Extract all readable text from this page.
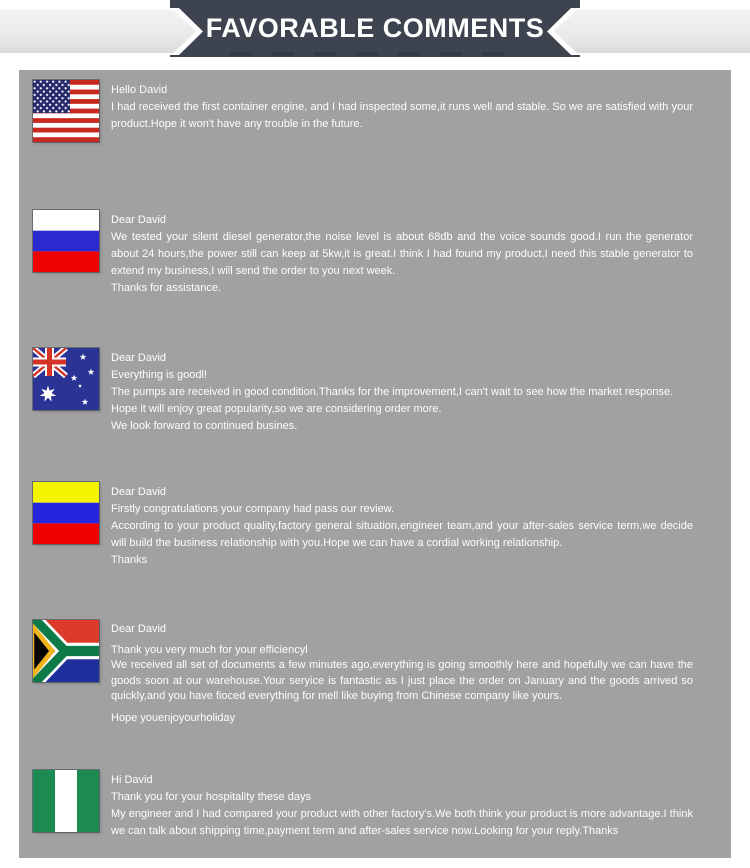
FAVORABLE COMMENTS

Hello David

I had received the first container engine, and I had inspected some,it runs well and stable. So we are satisfied with your product.Hope it won't have any trouble in the future.

Dear David

We tested your silent diesel generator,the noise level is about 68db and the voice sounds good.I run the generator about 24 hours,the power still can keep at 5kw,it is great.I think I had found my product,I need this stable generator to extend my business,I will send the order to you next week.

Thanks for assistance.

Dear David

Everything is goodl!

The pumps are received in good condition.Thanks for the improvement,I can't wait to see how the market response.

Hope it will enjoy great popularity,so we are considering order more.

We look forward to continued busines.

Dear David

Firstly congratulations your company had pass our review.

According to your product quality,factory general situation,engineer team,and your after-sales service term,we decide will build the business relationship with you.Hope we can have a cordial working relationship.

Thanks

Dear David

Thank you very much for your efficiencyl

We received all set of documents a few minutes ago,everything is going smoothly here and hopefully we can have the goods soon at our warehouse.Your seryice is fantastic as I just place the order on January and the goods arrived so quickly,and you have fioced everything for mell like buying from Chinese company like yours.

Hope youenjoyourholiday

Hi David

Thank you for your hospitality these days

My engineer and I had compared your product with other factory's.We both think your product is more advantage.I think we can talk about shipping time,payment term and after-sales service now.Looking for your reply.Thanks
